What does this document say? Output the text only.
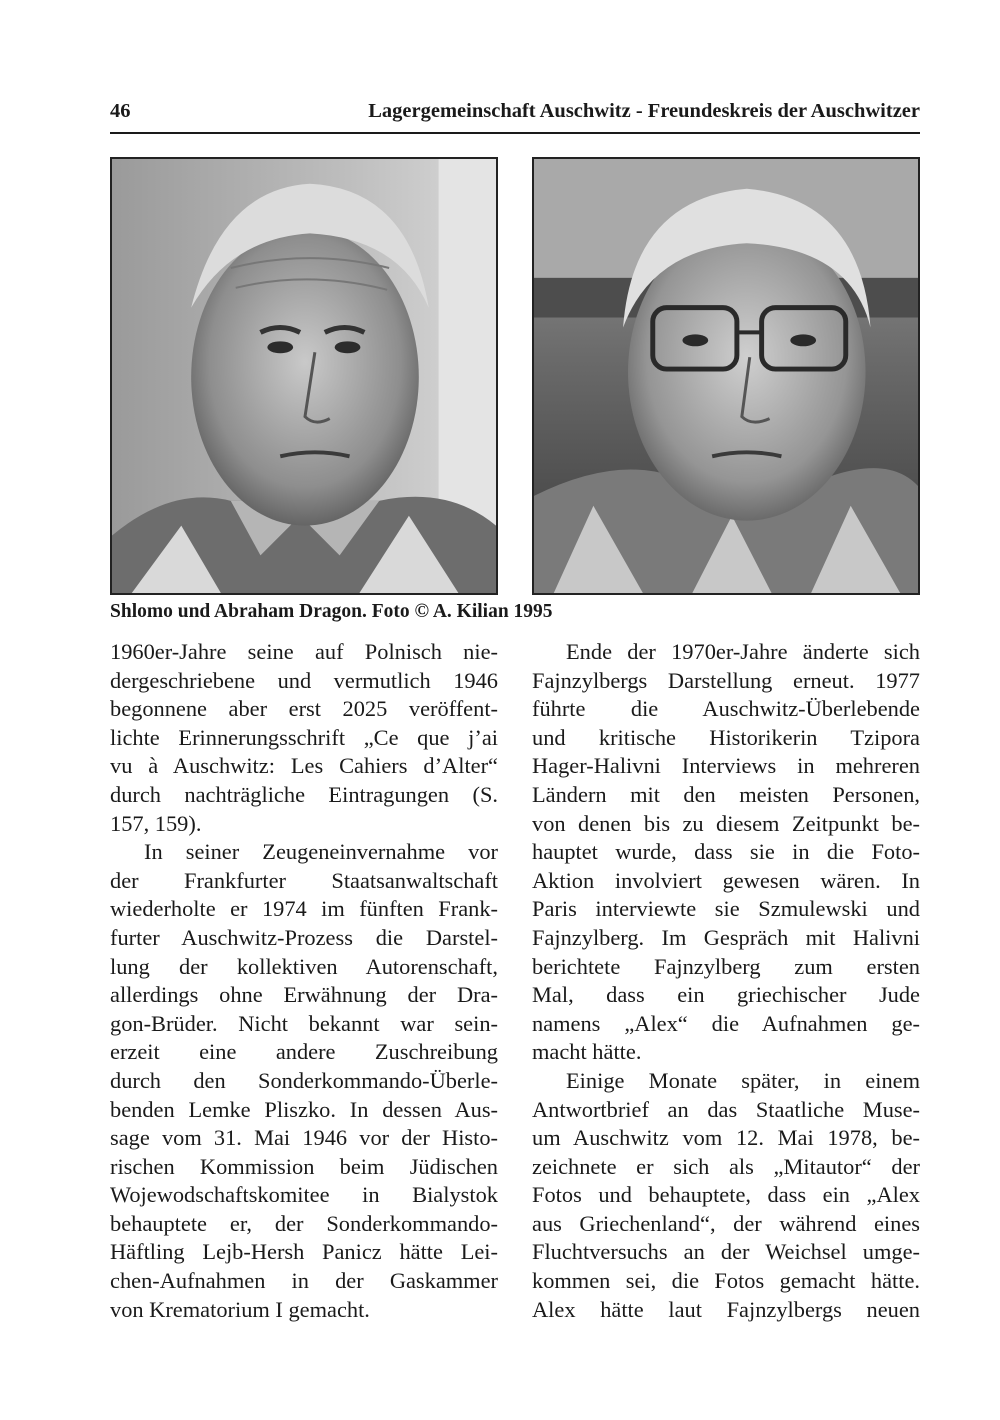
46	Lagergemeinschaft Auschwitz - Freundeskreis der Auschwitzer
Shlomo und Abraham Dragon. Foto © A. Kilian 1995
1960er-Jahre seine auf Polnisch nie-
dergeschriebene und vermutlich 1946
begonnene aber erst 2025 veröffent-
lichte Erinnerungsschrift „Ce que j’ai
vu à Auschwitz: Les Cahiers d’Alter“
durch nachträgliche Eintragungen (S.
157, 159).
In seiner Zeugeneinvernahme vor
der Frankfurter Staatsanwaltschaft
wiederholte er 1974 im fünften Frank-
furter Auschwitz-Prozess die Darstel-
lung der kollektiven Autorenschaft,
allerdings ohne Erwähnung der Dra-
gon-Brüder. Nicht bekannt war sein-
erzeit eine andere Zuschreibung
durch den Sonderkommando-Überle-
benden Lemke Pliszko. In dessen Aus-
sage vom 31. Mai 1946 vor der Histo-
rischen Kommission beim Jüdischen
Wojewodschaftskomitee in Bialystok
behauptete er, der Sonderkommando-
Häftling Lejb-Hersh Panicz hätte Lei-
chen-Aufnahmen in der Gaskammer
von Krematorium I gemacht.
Ende der 1970er-Jahre änderte sich
Fajnzylbergs Darstellung erneut. 1977
führte die Auschwitz-Überlebende
und kritische Historikerin Tzipora
Hager-Halivni Interviews in mehreren
Ländern mit den meisten Personen,
von denen bis zu diesem Zeitpunkt be-
hauptet wurde, dass sie in die Foto-
Aktion involviert gewesen wären. In
Paris interviewte sie Szmulewski und
Fajnzylberg. Im Gespräch mit Halivni
berichtete Fajnzylberg zum ersten
Mal, dass ein griechischer Jude
namens „Alex“ die Aufnahmen ge-
macht hätte.
Einige Monate später, in einem
Antwortbrief an das Staatliche Muse-
um Auschwitz vom 12. Mai 1978, be-
zeichnete er sich als „Mitautor“ der
Fotos und behauptete, dass ein „Alex
aus Griechenland“, der während eines
Fluchtversuchs an der Weichsel umge-
kommen sei, die Fotos gemacht hätte.
Alex hätte laut Fajnzylbergs neuen
